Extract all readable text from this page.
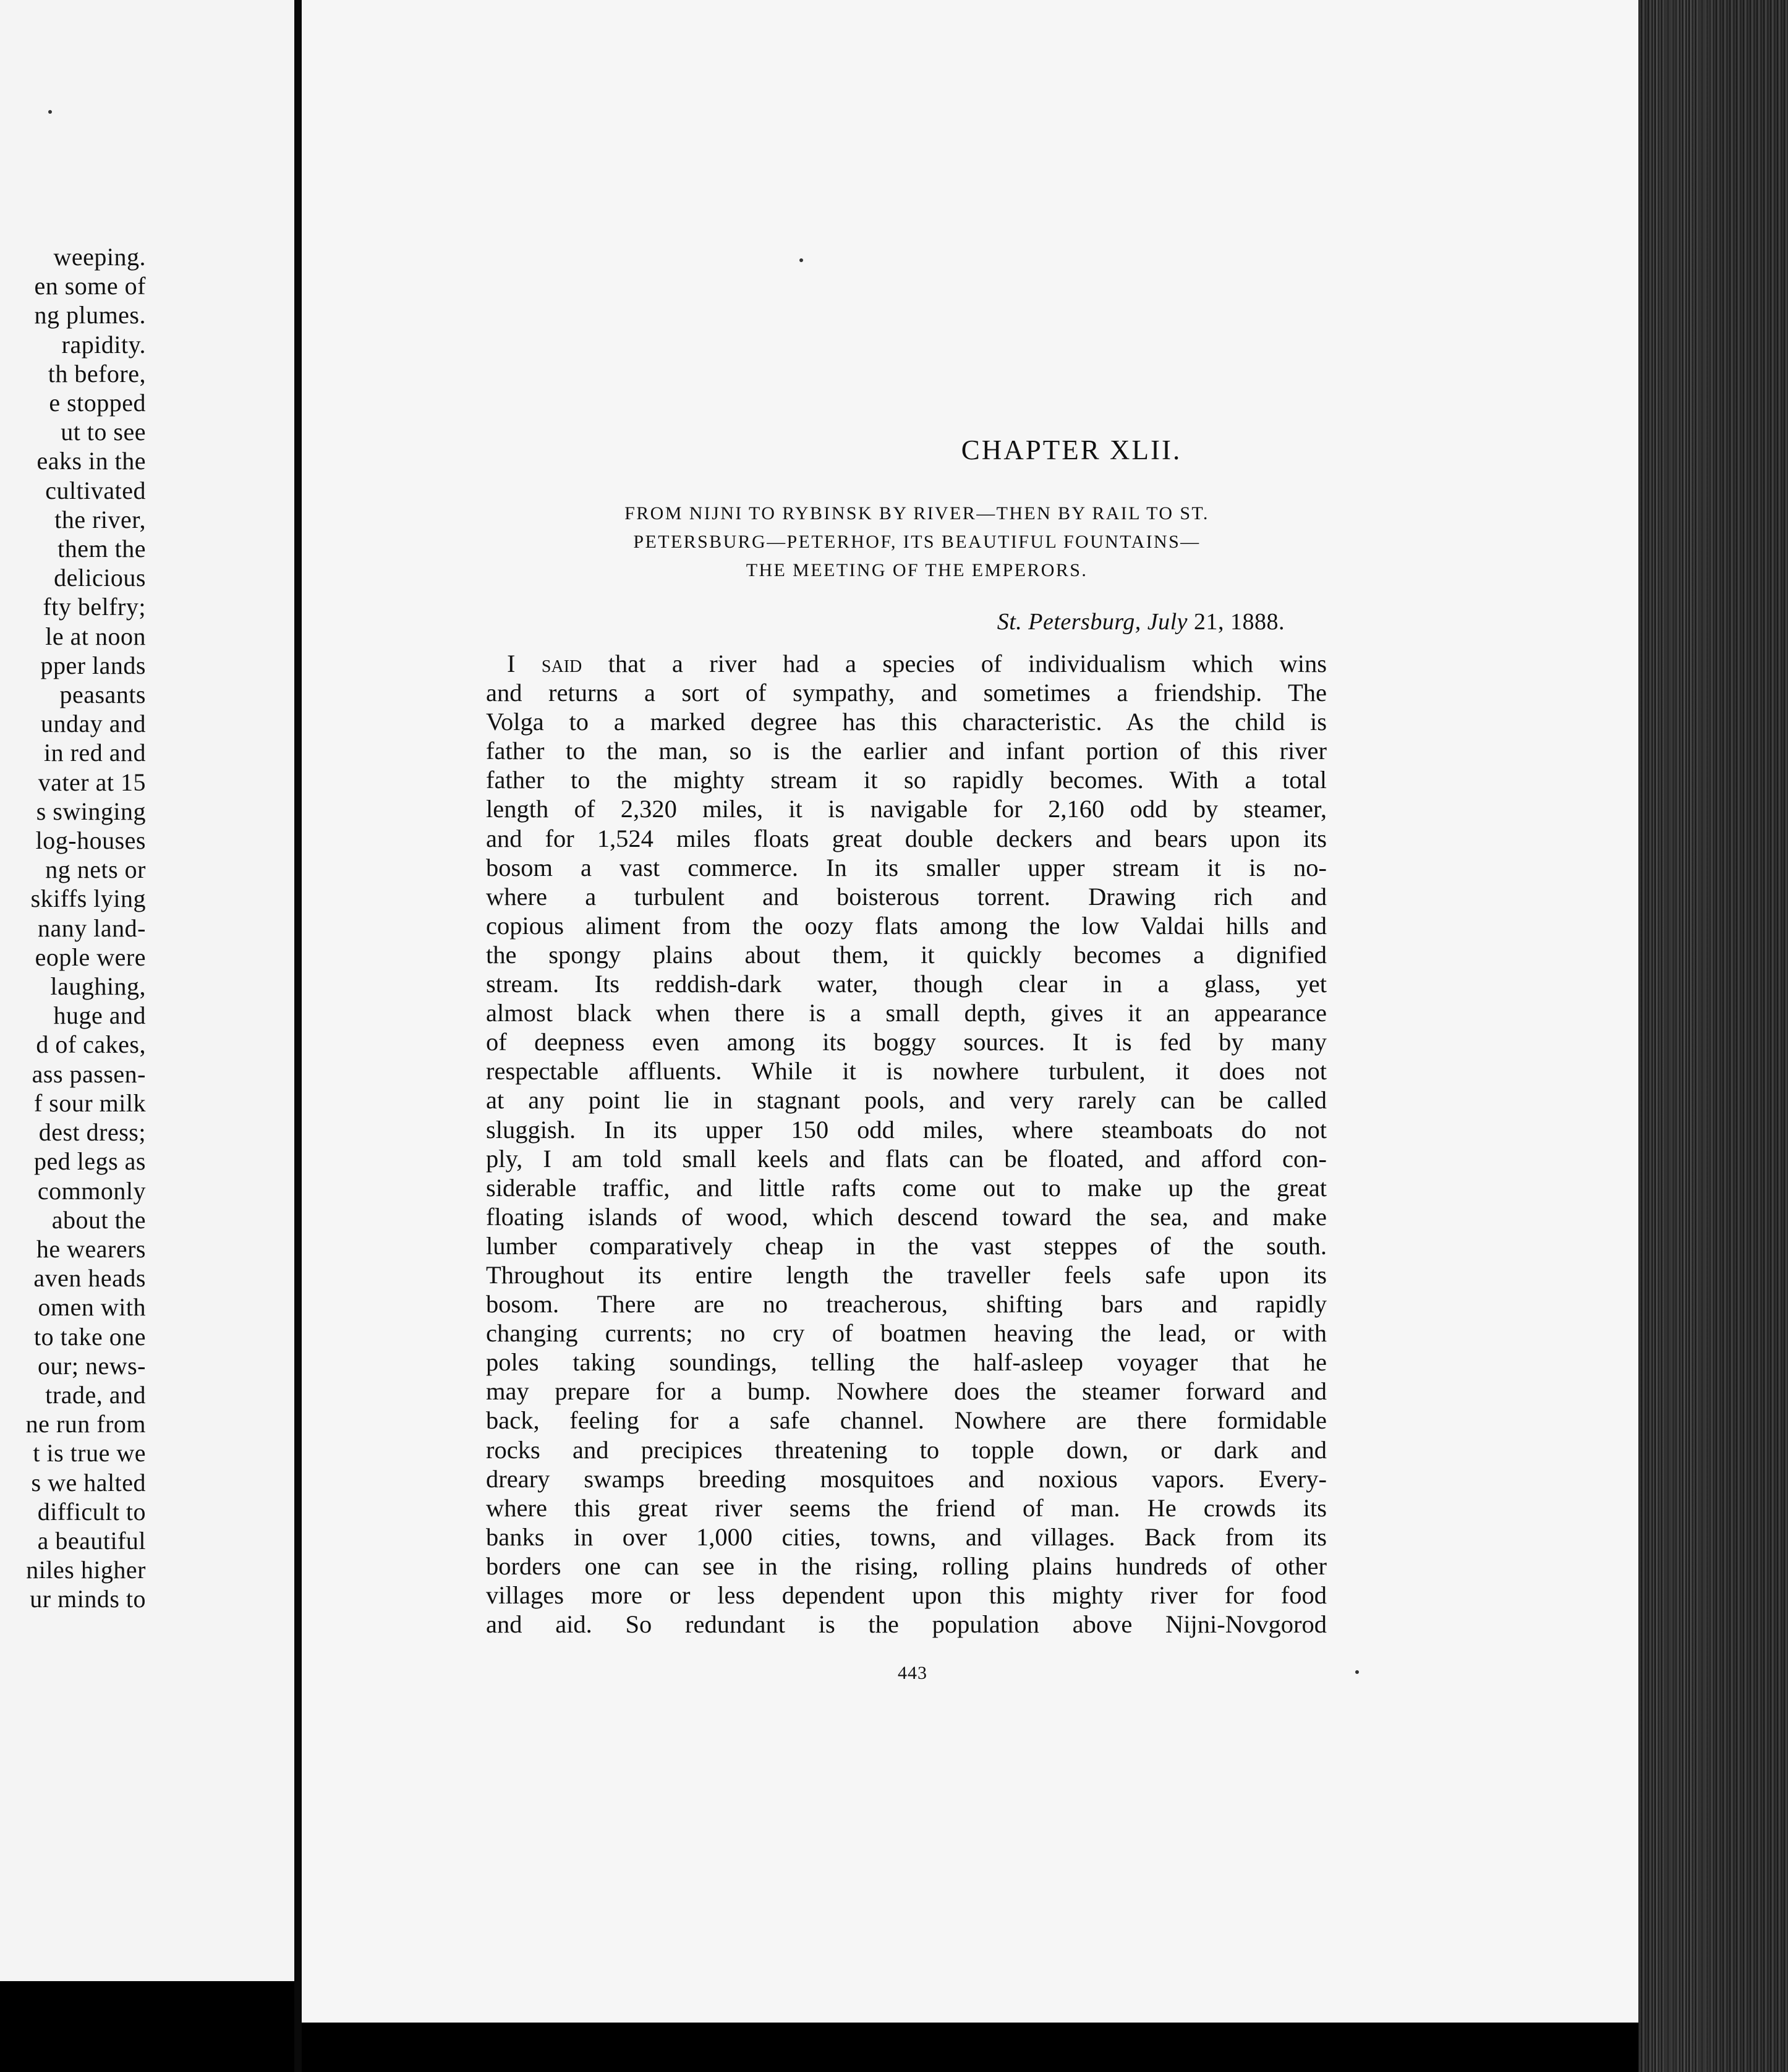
weeping.
en some of
ng plumes.
rapidity.
th before,
e stopped
ut to see
eaks in the
cultivated
the river,
them the
delicious
fty belfry;
le at noon
pper lands
peasants
unday and
in red and
vater at 15
s swinging
log-houses
ng nets or
skiffs lying
nany land-
eople were
laughing,
huge and
d of cakes,
ass passen-
f sour milk
dest dress;
ped legs as
commonly
about the
he wearers
aven heads
omen with
to take one
our; news-
trade, and
ne run from
t is true we
s we halted
difficult to
a beautiful
niles higher
ur minds to
CHAPTER XLII.
FROM NIJNI TO RYBINSK BY RIVER—THEN BY RAIL TO ST.
PETERSBURG—PETERHOF, ITS BEAUTIFUL FOUNTAINS—
THE MEETING OF THE EMPERORS.
St. Petersburg, July 21, 1888.
I said that a river had a species of individualism which wins
and returns a sort of sympathy, and sometimes a friendship. The
Volga to a marked degree has this characteristic. As the child is
father to the man, so is the earlier and infant portion of this river
father to the mighty stream it so rapidly becomes. With a total
length of 2,320 miles, it is navigable for 2,160 odd by steamer,
and for 1,524 miles floats great double deckers and bears upon its
bosom a vast commerce. In its smaller upper stream it is no-
where a turbulent and boisterous torrent. Drawing rich and
copious aliment from the oozy flats among the low Valdai hills and
the spongy plains about them, it quickly becomes a dignified
stream. Its reddish-dark water, though clear in a glass, yet
almost black when there is a small depth, gives it an appearance
of deepness even among its boggy sources. It is fed by many
respectable affluents. While it is nowhere turbulent, it does not
at any point lie in stagnant pools, and very rarely can be called
sluggish. In its upper 150 odd miles, where steamboats do not
ply, I am told small keels and flats can be floated, and afford con-
siderable traffic, and little rafts come out to make up the great
floating islands of wood, which descend toward the sea, and make
lumber comparatively cheap in the vast steppes of the south.
Throughout its entire length the traveller feels safe upon its
bosom. There are no treacherous, shifting bars and rapidly
changing currents; no cry of boatmen heaving the lead, or with
poles taking soundings, telling the half-asleep voyager that he
may prepare for a bump. Nowhere does the steamer forward and
back, feeling for a safe channel. Nowhere are there formidable
rocks and precipices threatening to topple down, or dark and
dreary swamps breeding mosquitoes and noxious vapors. Every-
where this great river seems the friend of man. He crowds its
banks in over 1,000 cities, towns, and villages. Back from its
borders one can see in the rising, rolling plains hundreds of other
villages more or less dependent upon this mighty river for food
and aid. So redundant is the population above Nijni-Novgorod
443
